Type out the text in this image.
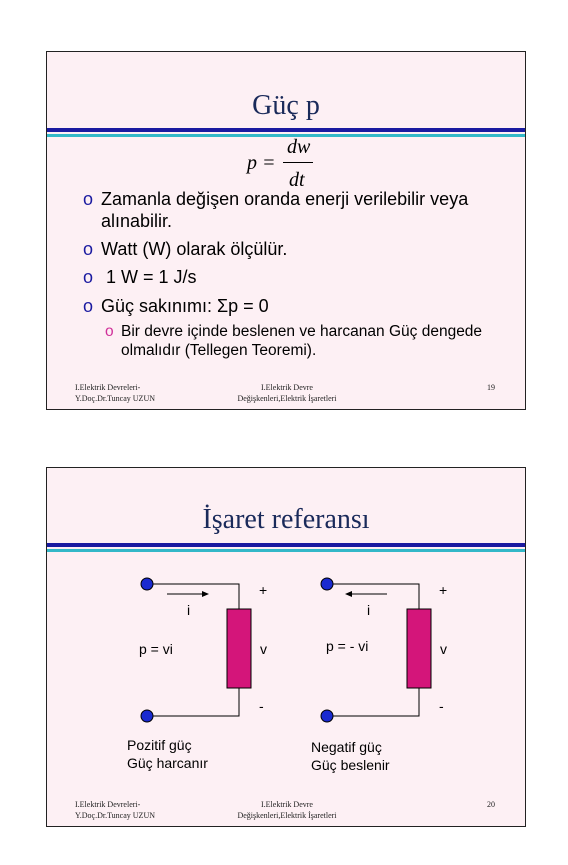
Güç p
p =
dw
dt
o Zamanla değişen oranda enerji verilebilir veya alınabilir.
o Watt (W) olarak ölçülür.
o 1 W = 1 J/s
o Güç sakınımı: Σp = 0
o Bir devre içinde beslenen ve harcanan Güç dengede olmalıdır (Tellegen Teoremi).
I.Elektrik Devreleri-
Y.Doç.Dr.Tuncay UZUN
I.Elektrik Devre
Değişkenleri,Elektrik İşaretleri
19
İşaret referansı
+
i
p = vi	v
-
Pozitif güç
Güç harcanır
+
i
p = - vi	v
-
Negatif güç
Güç beslenir
I.Elektrik Devreleri-
Y.Doç.Dr.Tuncay UZUN
I.Elektrik Devre
Değişkenleri,Elektrik İşaretleri
20
